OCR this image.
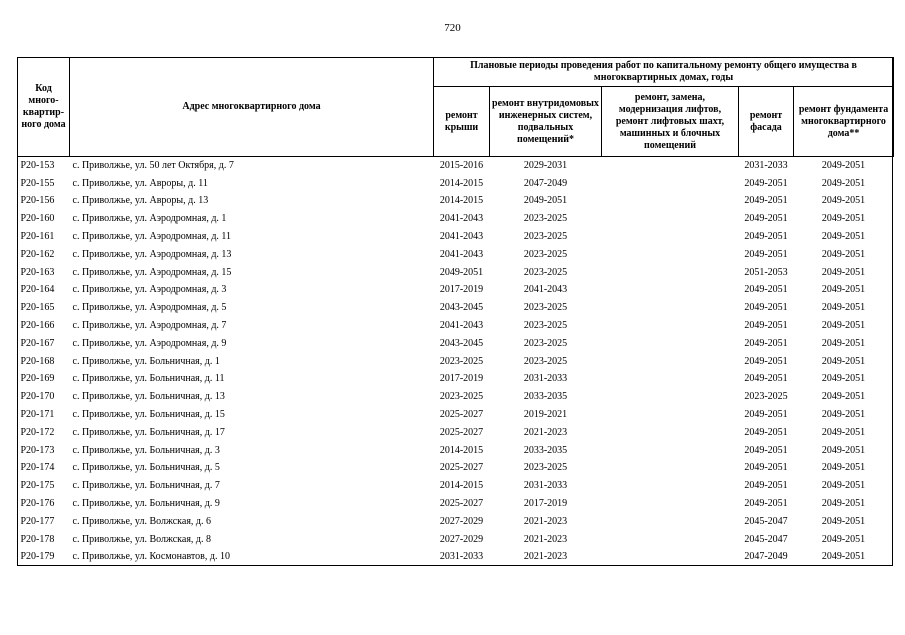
720
Код много-квартир-ного дома	Адрес многоквартирного дома	Плановые периоды проведения работ по капитальному ремонту общего имущества в многоквартирных домах, годы				
		ремонт крыши	ремонт внутридомовых инженерных систем, подвальных помещений*	ремонт, замена, модернизация лифтов, ремонт лифтовых шахт, машинных и блочных помещений	ремонт фасада	ремонт фундамента многоквартирного дома**
P20-153	с. Приволжье, ул. 50 лет Октября, д. 7	2015-2016	2029-2031		2031-2033	2049-2051
P20-155	с. Приволжье, ул. Авроры, д. 11	2014-2015	2047-2049		2049-2051	2049-2051
P20-156	с. Приволжье, ул. Авроры, д. 13	2014-2015	2049-2051		2049-2051	2049-2051
P20-160	с. Приволжье, ул. Аэродромная, д. 1	2041-2043	2023-2025		2049-2051	2049-2051
P20-161	с. Приволжье, ул. Аэродромная, д. 11	2041-2043	2023-2025		2049-2051	2049-2051
P20-162	с. Приволжье, ул. Аэродромная, д. 13	2041-2043	2023-2025		2049-2051	2049-2051
P20-163	с. Приволжье, ул. Аэродромная, д. 15	2049-2051	2023-2025		2051-2053	2049-2051
P20-164	с. Приволжье, ул. Аэродромная, д. 3	2017-2019	2041-2043		2049-2051	2049-2051
P20-165	с. Приволжье, ул. Аэродромная, д. 5	2043-2045	2023-2025		2049-2051	2049-2051
P20-166	с. Приволжье, ул. Аэродромная, д. 7	2041-2043	2023-2025		2049-2051	2049-2051
P20-167	с. Приволжье, ул. Аэродромная, д. 9	2043-2045	2023-2025		2049-2051	2049-2051
P20-168	с. Приволжье, ул. Больничная, д. 1	2023-2025	2023-2025		2049-2051	2049-2051
P20-169	с. Приволжье, ул. Больничная, д. 11	2017-2019	2031-2033		2049-2051	2049-2051
P20-170	с. Приволжье, ул. Больничная, д. 13	2023-2025	2033-2035		2023-2025	2049-2051
P20-171	с. Приволжье, ул. Больничная, д. 15	2025-2027	2019-2021		2049-2051	2049-2051
P20-172	с. Приволжье, ул. Больничная, д. 17	2025-2027	2021-2023		2049-2051	2049-2051
P20-173	с. Приволжье, ул. Больничная, д. 3	2014-2015	2033-2035		2049-2051	2049-2051
P20-174	с. Приволжье, ул. Больничная, д. 5	2025-2027	2023-2025		2049-2051	2049-2051
P20-175	с. Приволжье, ул. Больничная, д. 7	2014-2015	2031-2033		2049-2051	2049-2051
P20-176	с. Приволжье, ул. Больничная, д. 9	2025-2027	2017-2019		2049-2051	2049-2051
P20-177	с. Приволжье, ул. Волжская, д. 6	2027-2029	2021-2023		2045-2047	2049-2051
P20-178	с. Приволжье, ул. Волжская, д. 8	2027-2029	2021-2023		2045-2047	2049-2051
P20-179	с. Приволжье, ул. Космонавтов, д. 10	2031-2033	2021-2023		2047-2049	2049-2051
